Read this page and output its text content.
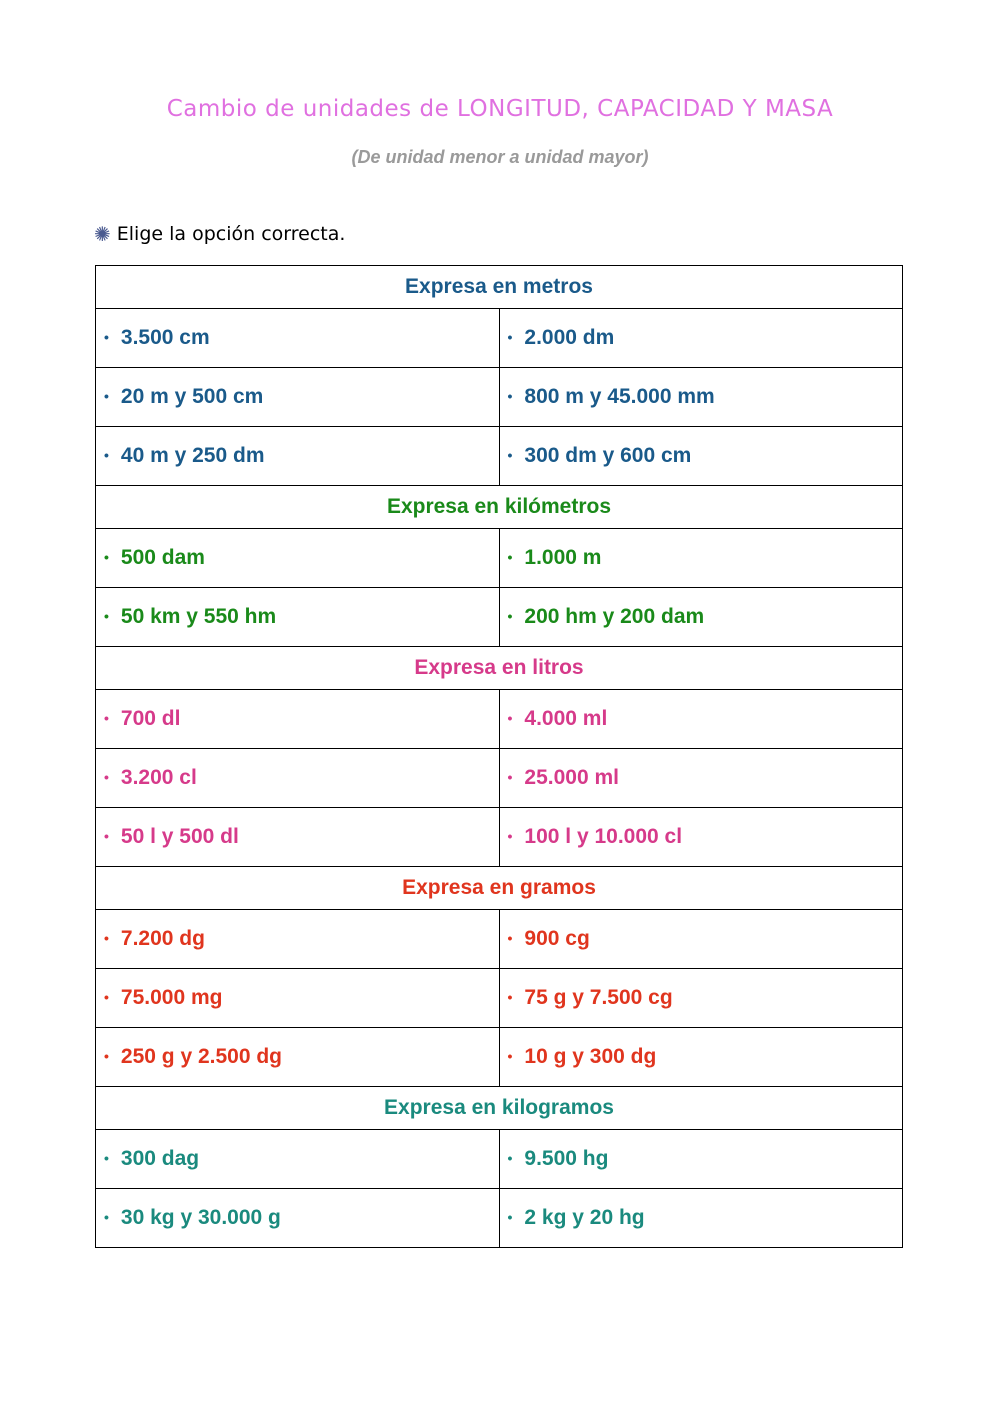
Cambio de unidades de LONGITUD, CAPACIDAD Y MASA
(De unidad menor a unidad mayor)
✺ Elige la opción correcta.
Expresa en metros	
• 3.500 cm	• 2.000 dm
• 20 m y 500 cm	• 800 m y 45.000 mm
• 40 m y 250 dm	• 300 dm y 600 cm
Expresa en kilómetros	
• 500 dam	• 1.000 m
• 50 km y 550 hm	• 200 hm y 200 dam
Expresa en litros	
• 700 dl	• 4.000 ml
• 3.200 cl	• 25.000 ml
• 50 l y 500 dl	• 100 l y 10.000 cl
Expresa en gramos	
• 7.200 dg	• 900 cg
• 75.000 mg	• 75 g y 7.500 cg
• 250 g y 2.500 dg	• 10 g y 300 dg
Expresa en kilogramos	
• 300 dag	• 9.500 hg
• 30 kg y 30.000 g	• 2 kg y 20 hg
